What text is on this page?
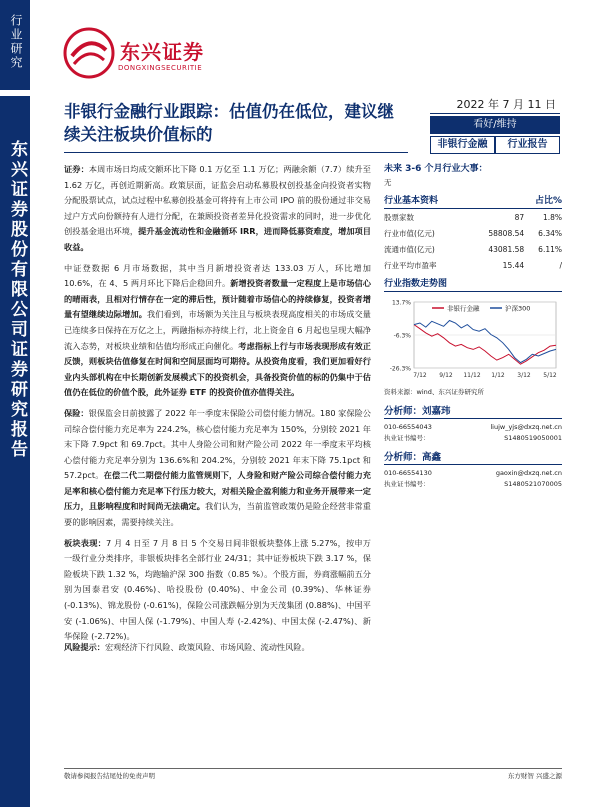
行业研究
东兴证券股份有限公司证券研究报告
东兴证券
DONGXINGSECURITIE
非银行金融行业跟踪：估值仍在低位，建议继续关注板块价值标的
2022 年 7 月 11 日
看好/维持
非银行金融	行业报告
证券：本周市场日均成交额环比下降 0.1 万亿至 1.1 万亿；两融余额（7.7）续升至 1.62 万亿，再创近期新高。政策层面，证监会启动私募股权创投基金向投资者实物分配股票试点，试点过程中私募创投基金可将持有上市公司 IPO 前的股份通过非交易过户方式向份额持有人进行分配，在兼顾投资者差异化投资需求的同时，进一步优化创投基金退出环境，提升基金流动性和金融循环 IRR，进而降低募资难度，增加项目收益。
中证登数据 6 月市场数据，其中当月新增投资者达 133.03 万人，环比增加 10.6%，在 4、5 两月环比下降后企稳回升。新增投资者数量一定程度上是市场信心的晴雨表，且相对行情存在一定的滞后性，预计随着市场信心的持续修复，投资者增量有望继续边际增加。我们看到，市场额为关注且与板块表现高度相关的市场成交量已连续多日保持在万亿之上，两融指标亦持续上行，北上资金自 6 月起也呈现大幅净流入态势，对板块业绩和估值均形成正向催化。考虑指标上行与市场表现形成有效正反馈，则板块估值修复在时间和空间层面均可期待。从投资角度看，我们更加看好行业内头部机构在中长期创新发展模式下的投资机会，具备投资价值的标的仍集中于估值仍在低位的价值个股，此外证券 ETF 的投资价值亦值得关注。
保险：银保监会日前披露了 2022 年一季度末保险公司偿付能力情况。180 家保险公司综合偿付能力充足率为 224.2%，核心偿付能力充足率为 150%，分别较 2021 年末下降 7.9pct 和 69.7pct。其中人身险公司和财产险公司 2022 年一季度末平均核心偿付能力充足率分别为 136.6%和 204.2%，分别较 2021 年末下降 75.1pct 和 57.2pct。在偿二代二期偿付能力监管规则下，人身险和财产险公司综合偿付能力充足率和核心偿付能力充足率下行压力较大，对相关险企盈利能力和业务开展带来一定压力，且影响程度和时间尚无法确定。我们认为，当前监管政策仍是险企经营非常重要的影响因素，需要持续关注。
板块表现：7 月 4 日至 7 月 8 日 5 个交易日间非银板块整体上涨 5.27%，按申万一级行业分类排序，非银板块排名全部行业 24/31；其中证券板块下跌 3.17 %，保险板块下跌 1.32 %，均跑输沪深 300 指数（0.85 %）。个股方面，券商涨幅前五分别为国泰君安 (0.46%)、哈投股份 (0.40%)、中金公司 (0.39%)、华林证券 (-0.13%)、锦龙股份 (-0.61%)，保险公司涨跌幅分别为天茂集团 (0.88%)、中国平安 (-1.06%)、中国人保 (-1.79%)、中国人寿 (-2.42%)、中国太保 (-2.47%)、新华保险 (-2.72%)。
风险提示：宏观经济下行风险、政策风险、市场风险、流动性风险。
未来 3-6 个月行业大事：
无
行业基本资料	占比%
股票家数	87	1.8%
行业市值(亿元)	58808.54	6.34%
流通市值(亿元)	43081.58	6.11%
行业平均市盈率	15.44	/
行业指数走势图
13.7%
-6.3%
-26.3%
7/12 9/12 11/12 1/12 3/12 5/12
非银行金融	沪深300
资料来源：wind、东兴证券研究所
分析师：刘嘉玮
010-66554043	liujw_yjs@dxzq.net.cn
执业证书编号：	S1480519050001
分析师：高鑫
010-66554130	gaoxin@dxzq.net.cn
执业证书编号：	S1480521070005
敬请参阅报告结尾处的免责声明	东方财智 兴盛之源
